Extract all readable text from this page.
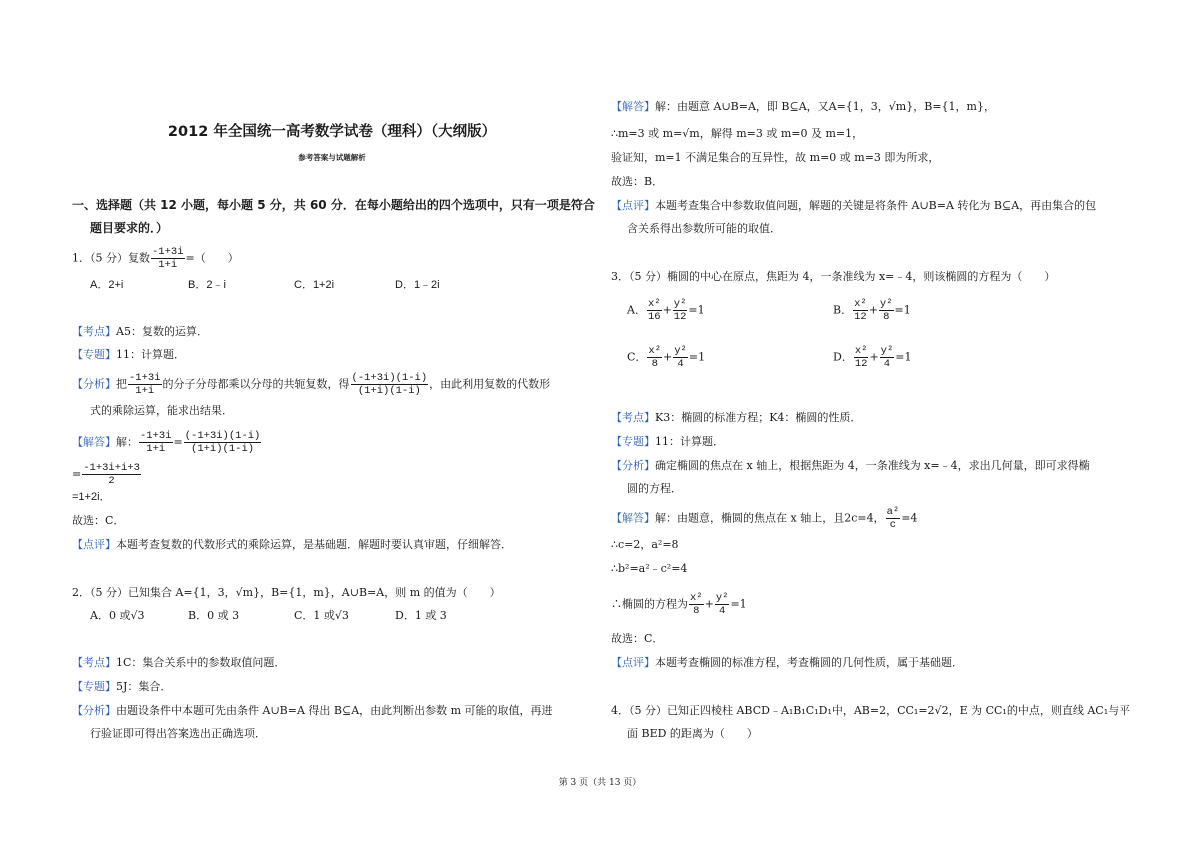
2012 年全国统一高考数学试卷（理科）（大纲版）
参考答案与试题解析
一、选择题（共 12 小题，每小题 5 分，共 60 分．在每小题给出的四个选项中，只有一项是符合
题目要求的．）
1．（5 分）复数 $\frac{-1+3i}{1+i}$ =（　　）
A．2+i	B．2﹣i	C．1+2i	D．1﹣2i
【考点】A5：复数的运算．
【专题】11：计算题．
【分析】把 $\frac{-1+3i}{1+i}$ 的分子分母都乘以分母的共轭复数，得 $\frac{(-1+3i)(1-i)}{(1+i)(1-i)}$ ，由此利用复数的代数形
式的乘除运算，能求出结果．
【解答】解： $\frac{-1+3i}{1+i} = \frac{(-1+3i)(1-i)}{(1+i)(1-i)}$
= $\frac{-1+3i+i+3}{2}$
=1+2i．
故选：C．
【点评】本题考查复数的代数形式的乘除运算，是基础题．解题时要认真审题，仔细解答．
2．（5 分）已知集合 A={1，3，√m}，B={1，m}，A∪B=A，则 m 的值为（　　）
A．0 或√3	B．0 或 3	C．1 或√3	D．1 或 3
【考点】1C：集合关系中的参数取值问题．
【专题】5J：集合．
【分析】由题设条件中本题可先由条件 A∪B=A 得出 B⊆A，由此判断出参数 m 可能的取值，再进
行验证即可得出答案选出正确选项．
【解答】解：由题意 A∪B=A，即 B⊆A，又A={1，3，√m}，B={1，m}，
∴m=3 或 m=√m，解得 m=3 或 m=0 及 m=1，
验证知，m=1 不满足集合的互异性，故 m=0 或 m=3 即为所求，
故选：B．
【点评】本题考查集合中参数取值问题，解题的关键是将条件 A∪B=A 转化为 B⊆A，再由集合的包
含关系得出参数所可能的取值．
3．（5 分）椭圆的中心在原点，焦距为 4，一条准线为 x=﹣4，则该椭圆的方程为（　　）
A． $\frac{\text{x²}}{16} + \frac{\text{y²}}{12} =1$	B． $\frac{\text{x²}}{12} + \frac{\text{y²}}{8} =1$
C． $\frac{\text{x²}}{8} + \frac{\text{y²}}{4} =1$	D． $\frac{\text{x²}}{12} + \frac{\text{y²}}{4} =1$
【考点】K3：椭圆的标准方程；K4：椭圆的性质．
【专题】11：计算题．
【分析】确定椭圆的焦点在 x 轴上，根据焦距为 4，一条准线为 x=﹣4，求出几何量，即可求得椭
圆的方程．
【解答】解：由题意，椭圆的焦点在 x 轴上，且2c=4， $\frac{\text{a²}}{c} =4$
∴c=2，a²=8
∴b²=a²﹣c²=4
∴椭圆的方程为 $\frac{\text{x²}}{8} + \frac{\text{y²}}{4} =1$
故选：C．
【点评】本题考查椭圆的标准方程，考查椭圆的几何性质，属于基础题．
4．（5 分）已知正四棱柱 ABCD﹣A₁B₁C₁D₁中，AB=2，CC₁=2√2，E 为 CC₁的中点，则直线 AC₁与平
面 BED 的距离为（　　）
第 3 页（共 13 页）
